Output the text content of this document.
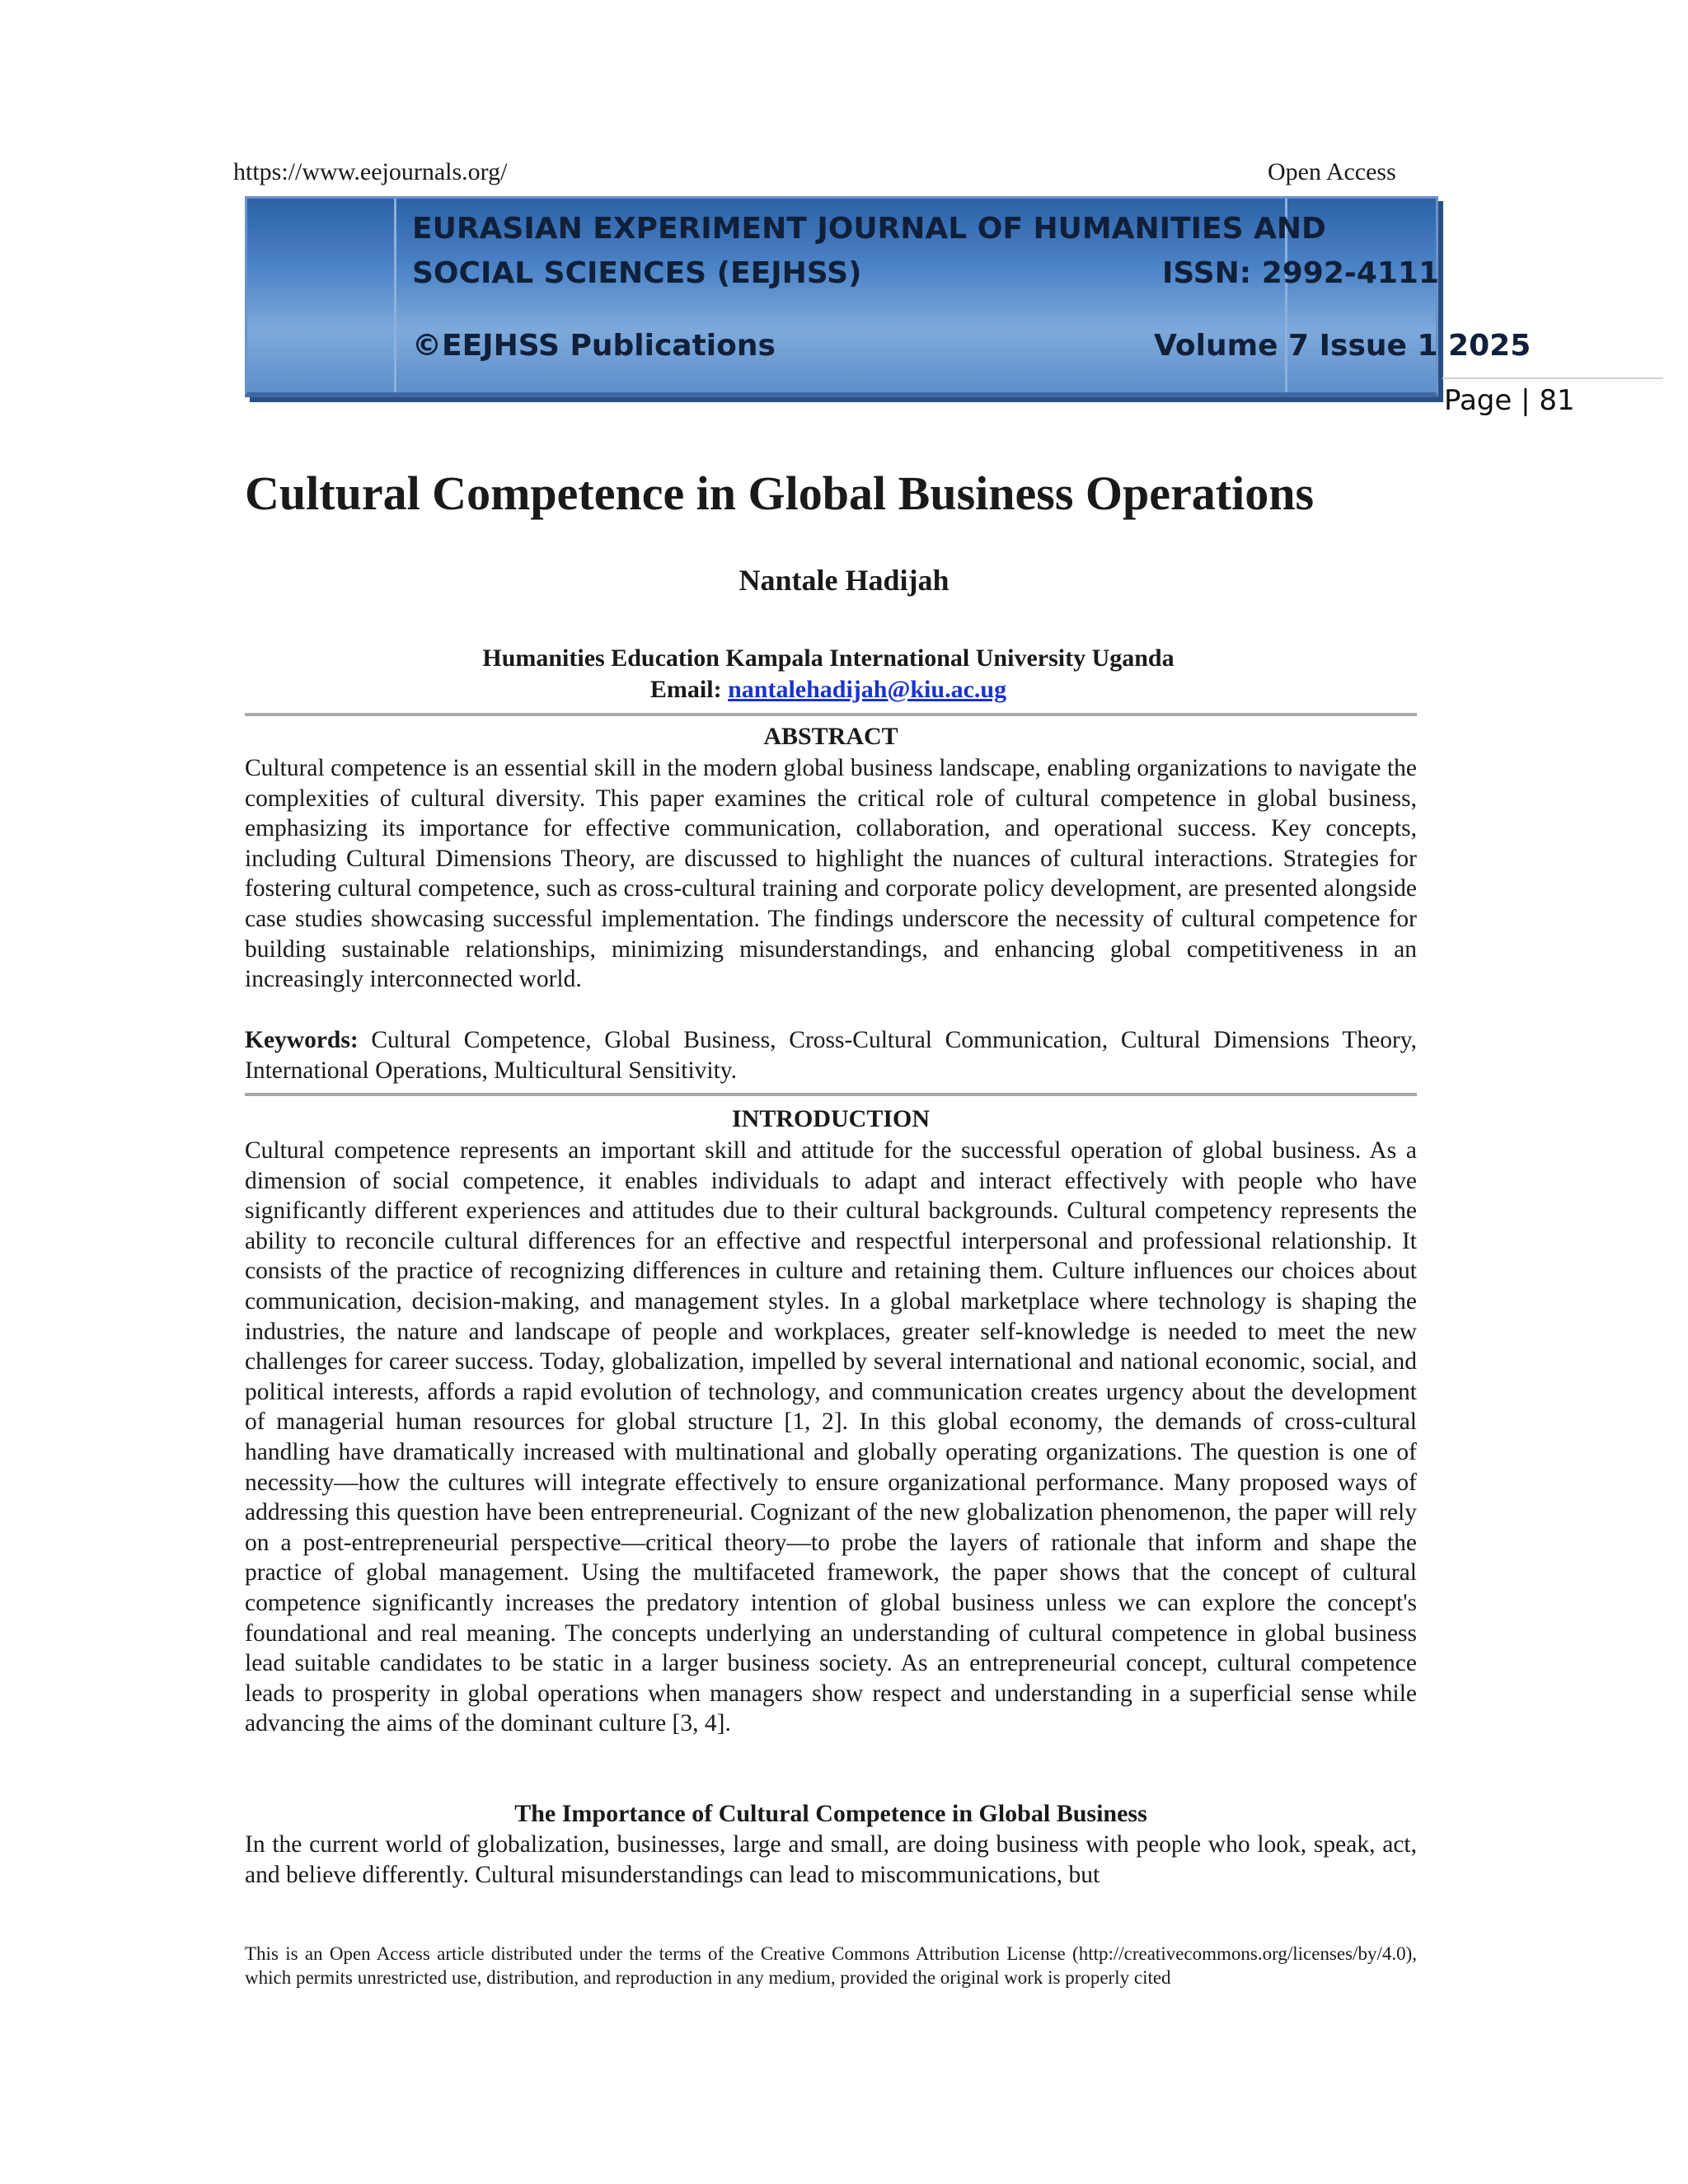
https://www.eejournals.org/	Open Access
EURASIAN EXPERIMENT JOURNAL OF HUMANITIES AND
SOCIAL SCIENCES (EEJHSS)	ISSN: 2992-4111
©EEJHSS Publications	Volume 7 Issue 1 2025
Page | 81
Cultural Competence in Global Business Operations
Nantale Hadijah
Humanities Education Kampala International University Uganda
Email: nantalehadijah@kiu.ac.ug
ABSTRACT

Cultural competence is an essential skill in the modern global business landscape, enabling organizations to navigate the complexities of cultural diversity. This paper examines the critical role of cultural competence in global business, emphasizing its importance for effective communication, collaboration, and operational success. Key concepts, including Cultural Dimensions Theory, are discussed to highlight the nuances of cultural interactions. Strategies for fostering cultural competence, such as cross-cultural training and corporate policy development, are presented alongside case studies showcasing successful implementation. The findings underscore the necessity of cultural competence for building sustainable relationships, minimizing misunderstandings, and enhancing global competitiveness in an increasingly interconnected world.

Keywords: Cultural Competence, Global Business, Cross-Cultural Communication, Cultural Dimensions Theory, International Operations, Multicultural Sensitivity.

INTRODUCTION

Cultural competence represents an important skill and attitude for the successful operation of global business. As a dimension of social competence, it enables individuals to adapt and interact effectively with people who have significantly different experiences and attitudes due to their cultural backgrounds. Cultural competency represents the ability to reconcile cultural differences for an effective and respectful interpersonal and professional relationship. It consists of the practice of recognizing differences in culture and retaining them. Culture influences our choices about communication, decision-making, and management styles. In a global marketplace where technology is shaping the industries, the nature and landscape of people and workplaces, greater self-knowledge is needed to meet the new challenges for career success. Today, globalization, impelled by several international and national economic, social, and political interests, affords a rapid evolution of technology, and communication creates urgency about the development of managerial human resources for global structure [1, 2]. In this global economy, the demands of cross-cultural handling have dramatically increased with multinational and globally operating organizations. The question is one of necessity—how the cultures will integrate effectively to ensure organizational performance. Many proposed ways of addressing this question have been entrepreneurial. Cognizant of the new globalization phenomenon, the paper will rely on a post-entrepreneurial perspective—critical theory—to probe the layers of rationale that inform and shape the practice of global management. Using the multifaceted framework, the paper shows that the concept of cultural competence significantly increases the predatory intention of global business unless we can explore the concept's foundational and real meaning. The concepts underlying an understanding of cultural competence in global business lead suitable candidates to be static in a larger business society. As an entrepreneurial concept, cultural competence leads to prosperity in global operations when managers show respect and understanding in a superficial sense while advancing the aims of the dominant culture [3, 4].

The Importance of Cultural Competence in Global Business

In the current world of globalization, businesses, large and small, are doing business with people who look, speak, act, and believe differently. Cultural misunderstandings can lead to miscommunications, but

This is an Open Access article distributed under the terms of the Creative Commons Attribution License (http://creativecommons.org/licenses/by/4.0), which permits unrestricted use, distribution, and reproduction in any medium, provided the original work is properly cited
